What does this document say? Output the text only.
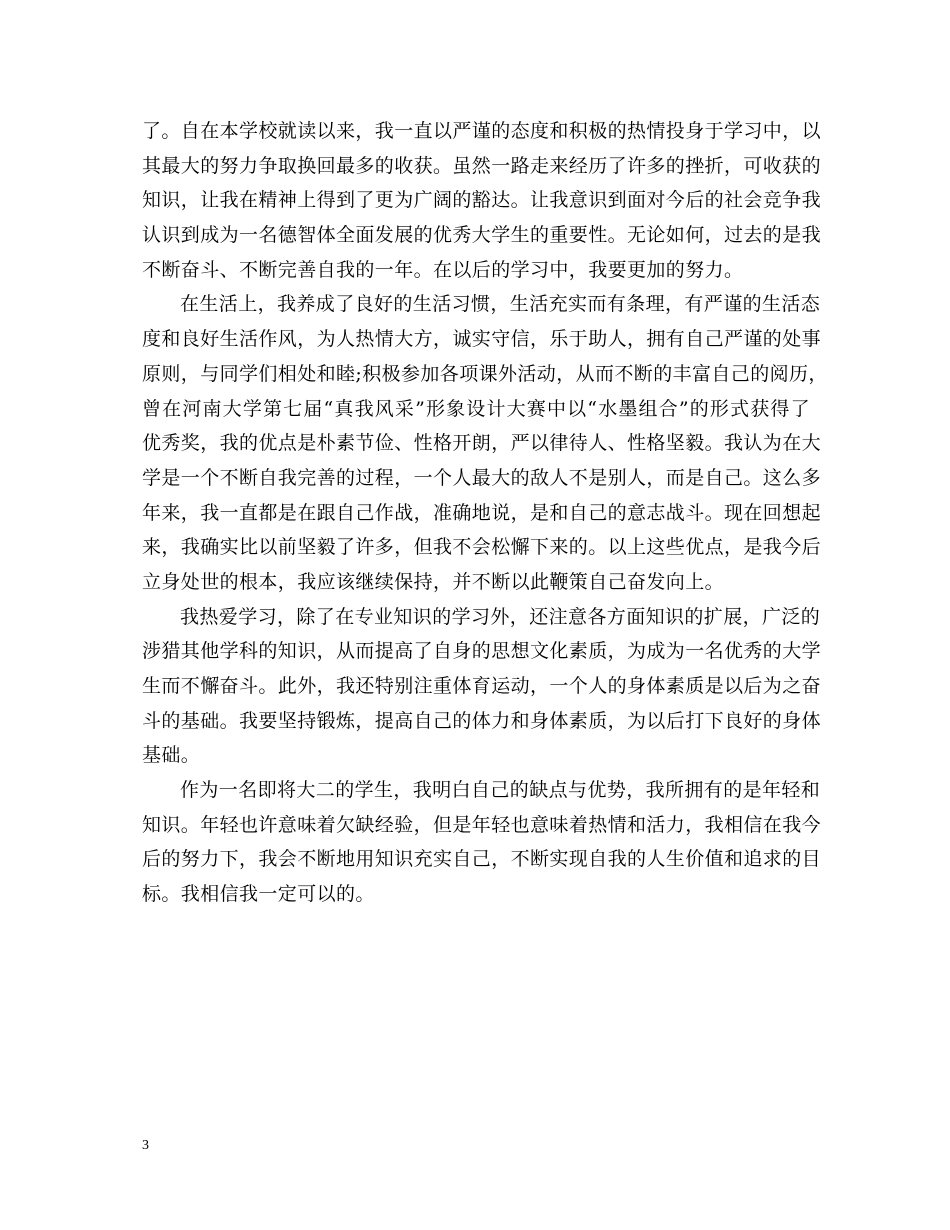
了。自在本学校就读以来，我一直以严谨的态度和积极的热情投身于学习中，以
其最大的努力争取换回最多的收获。虽然一路走来经历了许多的挫折，可收获的
知识，让我在精神上得到了更为广阔的豁达。让我意识到面对今后的社会竞争我
认识到成为一名德智体全面发展的优秀大学生的重要性。无论如何，过去的是我
不断奋斗、不断完善自我的一年。在以后的学习中，我要更加的努力。
在生活上，我养成了良好的生活习惯，生活充实而有条理，有严谨的生活态
度和良好生活作风，为人热情大方，诚实守信，乐于助人，拥有自己严谨的处事
原则，与同学们相处和睦;积极参加各项课外活动，从而不断的丰富自己的阅历，
曾在河南大学第七届“真我风采”形象设计大赛中以“水墨组合”的形式获得了
优秀奖，我的优点是朴素节俭、性格开朗，严以律待人、性格坚毅。我认为在大
学是一个不断自我完善的过程，一个人最大的敌人不是别人，而是自己。这么多
年来，我一直都是在跟自己作战，准确地说，是和自己的意志战斗。现在回想起
来，我确实比以前坚毅了许多，但我不会松懈下来的。以上这些优点，是我今后
立身处世的根本，我应该继续保持，并不断以此鞭策自己奋发向上。
我热爱学习，除了在专业知识的学习外，还注意各方面知识的扩展，广泛的
涉猎其他学科的知识，从而提高了自身的思想文化素质，为成为一名优秀的大学
生而不懈奋斗。此外，我还特别注重体育运动，一个人的身体素质是以后为之奋
斗的基础。我要坚持锻炼，提高自己的体力和身体素质，为以后打下良好的身体
基础。
作为一名即将大二的学生，我明白自己的缺点与优势，我所拥有的是年轻和
知识。年轻也许意味着欠缺经验，但是年轻也意味着热情和活力，我相信在我今
后的努力下，我会不断地用知识充实自己，不断实现自我的人生价值和追求的目
标。我相信我一定可以的。
3
